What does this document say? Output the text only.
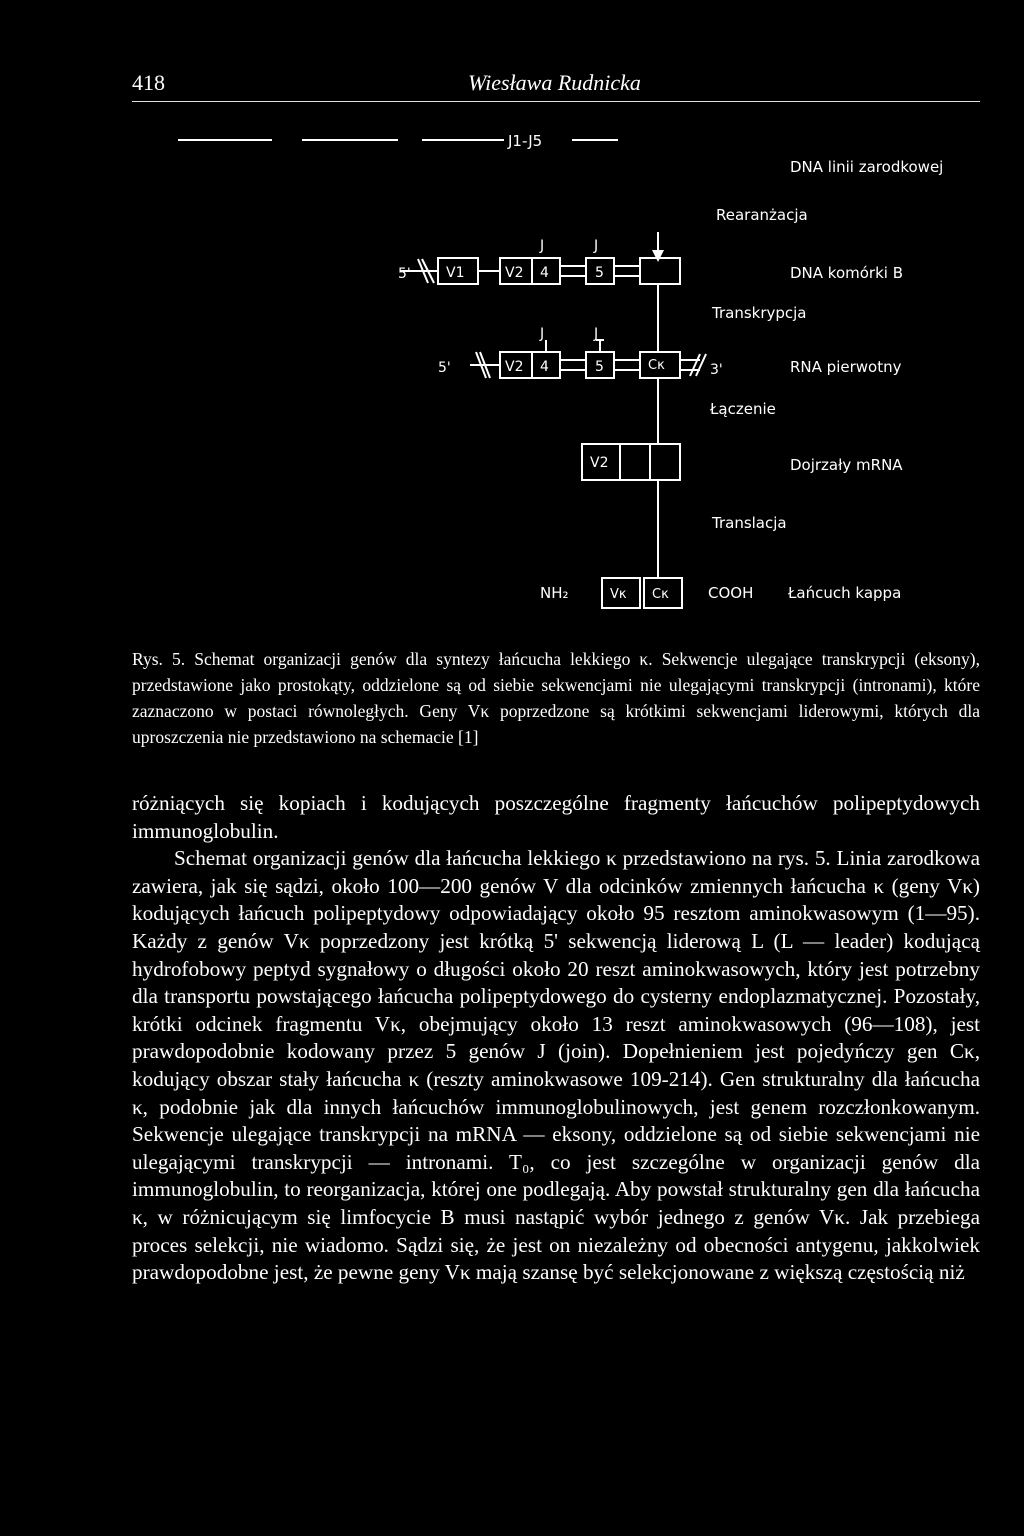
418	Wiesława Rudnicka
J1-J5
DNA linii zarodkowej
Rearanżacja
J	J
5'	V1	V2 4	5	DNA komórki B
Transkrypcja
J	J
5'	V2 4	5	Cκ	3'	RNA pierwotny
Łączenie
V2	Dojrzały mRNA
Translacja
NH₂	Vκ Cκ	COOH Łańcuch kappa
Rys. 5. Schemat organizacji genów dla syntezy łańcucha lekkiego κ. Sekwencje ulegające transkrypcji (eksony), przedstawione jako prostokąty, oddzielone są od siebie sekwencjami nie ulegającymi transkrypcji (intronami), które zaznaczono w postaci równoległych. Geny Vκ poprzedzone są krótkimi sekwencjami liderowymi, których dla uproszczenia nie przedstawiono na schemacie [1]

różniących się kopiach i kodujących poszczególne fragmenty łańcuchów polipeptydowych immunoglobulin.

Schemat organizacji genów dla łańcucha lekkiego κ przedstawiono na rys. 5. Linia zarodkowa zawiera, jak się sądzi, około 100—200 genów V dla odcinków zmiennych łańcucha κ (geny Vκ) kodujących łańcuch polipeptydowy odpowiadający około 95 resztom aminokwasowym (1—95). Każdy z genów Vκ poprzedzony jest krótką 5' sekwencją liderową L (L — leader) kodującą hydrofobowy peptyd sygnałowy o długości około 20 reszt aminokwasowych, który jest potrzebny dla transportu powstającego łańcucha polipeptydowego do cysterny endoplazmatycznej. Pozostały, krótki odcinek fragmentu Vκ, obejmujący około 13 reszt aminokwasowych (96—108), jest prawdopodobnie kodowany przez 5 genów J (join). Dopełnieniem jest pojedyńczy gen Cκ, kodujący obszar stały łańcucha κ (reszty aminokwasowe 109-214). Gen strukturalny dla łańcucha κ, podobnie jak dla innych łańcuchów immunoglobulinowych, jest genem rozczłonkowanym. Sekwencje ulegające transkrypcji na mRNA — eksony, oddzielone są od siebie sekwencjami nie ulegającymi transkrypcji — intronami. T₀, co jest szczególne w organizacji genów dla immunoglobulin, to reorganizacja, której one podlegają. Aby powstał strukturalny gen dla łańcucha κ, w różnicującym się limfocycie B musi nastąpić wybór jednego z genów Vκ. Jak przebiega proces selekcji, nie wiadomo. Sądzi się, że jest on niezależny od obecności antygenu, jakkolwiek prawdopodobne jest, że pewne geny Vκ mają szansę być selekcjonowane z większą częstością niż
